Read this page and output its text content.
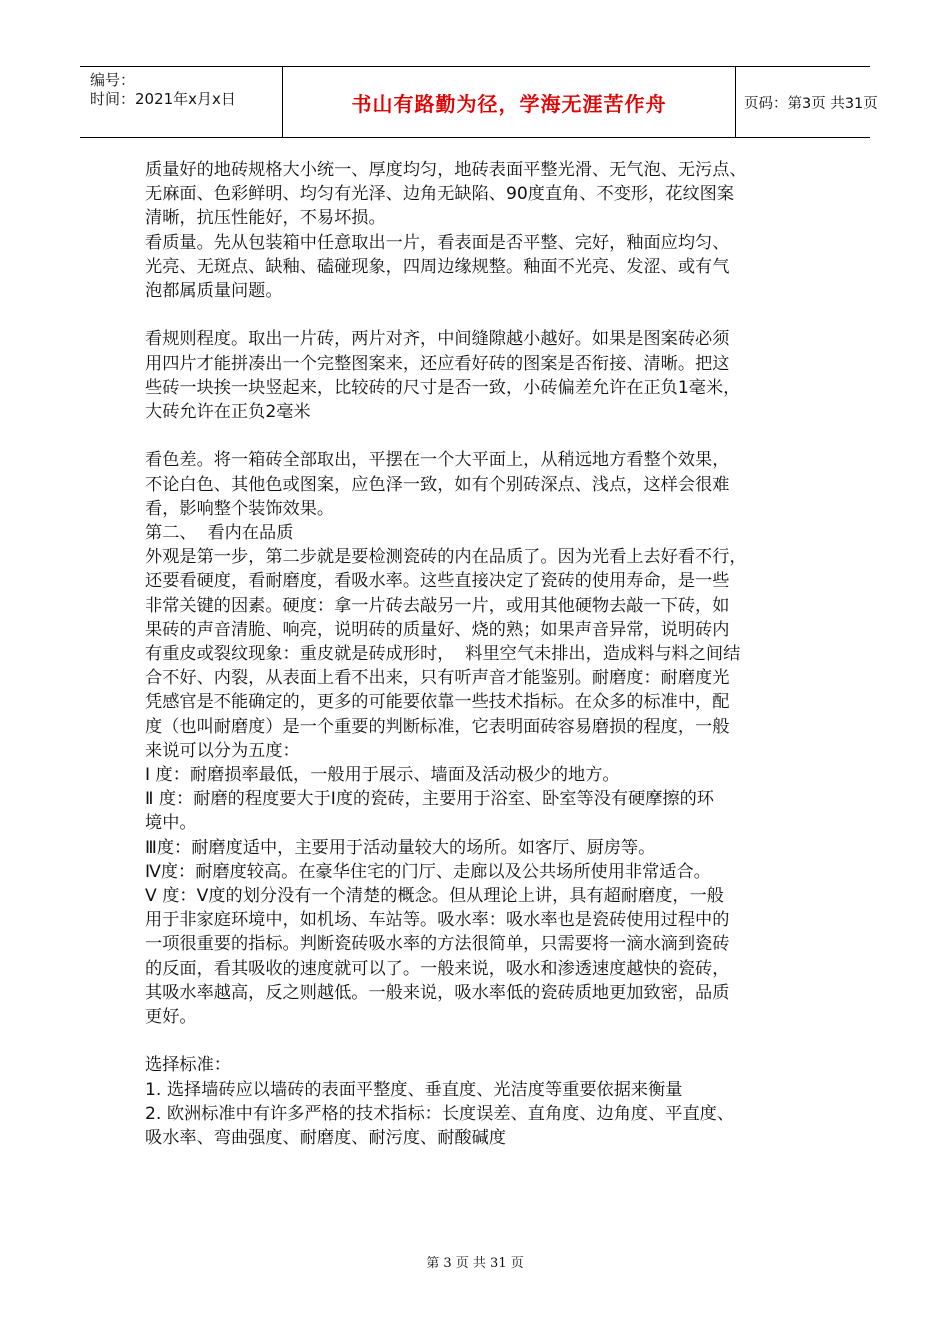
编号：
时间：2021年x月x日	书山有路勤为径，学海无涯苦作舟	页码：第3页 共31页

质量好的地砖规格大小统一、厚度均匀，地砖表面平整光滑、无气泡、无污点、

无麻面、色彩鲜明、均匀有光泽、边角无缺陷、90度直角、不变形，花纹图案

清晰，抗压性能好，不易坏损。

看质量。先从包装箱中任意取出一片，看表面是否平整、完好，釉面应均匀、

光亮、无斑点、缺釉、磕碰现象，四周边缘规整。釉面不光亮、发涩、或有气

泡都属质量问题。

看规则程度。取出一片砖，两片对齐，中间缝隙越小越好。如果是图案砖必须

用四片才能拼凑出一个完整图案来，还应看好砖的图案是否衔接、清晰。把这

些砖一块挨一块竖起来，比较砖的尺寸是否一致，小砖偏差允许在正负1毫米，

大砖允许在正负2毫米

看色差。将一箱砖全部取出，平摆在一个大平面上，从稍远地方看整个效果，

不论白色、其他色或图案，应色泽一致，如有个别砖深点、浅点，这样会很难

看，影响整个装饰效果。

第二、  看内在品质

外观是第一步，第二步就是要检测瓷砖的内在品质了。因为光看上去好看不行，

还要看硬度，看耐磨度，看吸水率。这些直接决定了瓷砖的使用寿命，是一些

非常关键的因素。硬度：拿一片砖去敲另一片，或用其他硬物去敲一下砖，如

果砖的声音清脆、响亮，说明砖的质量好、烧的熟；如果声音异常，说明砖内

有重皮或裂纹现象：重皮就是砖成形时，  料里空气未排出，造成料与料之间结

合不好、内裂，从表面上看不出来，只有听声音才能鉴别。耐磨度：耐磨度光

凭感官是不能确定的，更多的可能要依靠一些技术指标。在众多的标准中，配

度（也叫耐磨度）是一个重要的判断标准，它表明面砖容易磨损的程度，一般

来说可以分为五度：

Ⅰ 度：耐磨损率最低，一般用于展示、墙面及活动极少的地方。

Ⅱ 度：耐磨的程度要大于Ⅰ度的瓷砖，主要用于浴室、卧室等没有硬摩擦的环

境中。

Ⅲ度：耐磨度适中，主要用于活动量较大的场所。如客厅、厨房等。

Ⅳ度：耐磨度较高。在豪华住宅的门厅、走廊以及公共场所使用非常适合。

Ⅴ 度：Ⅴ度的划分没有一个清楚的概念。但从理论上讲，具有超耐磨度，一般

用于非家庭环境中，如机场、车站等。吸水率：吸水率也是瓷砖使用过程中的

一项很重要的指标。判断瓷砖吸水率的方法很简单，只需要将一滴水滴到瓷砖

的反面，看其吸收的速度就可以了。一般来说，吸水和渗透速度越快的瓷砖，

其吸水率越高，反之则越低。一般来说，吸水率低的瓷砖质地更加致密，品质

更好。

选择标准：

1. 选择墙砖应以墙砖的表面平整度、垂直度、光洁度等重要依据来衡量

2. 欧洲标准中有许多严格的技术指标：长度误差、直角度、边角度、平直度、

吸水率、弯曲强度、耐磨度、耐污度、耐酸碱度

第 3 页 共 31 页
